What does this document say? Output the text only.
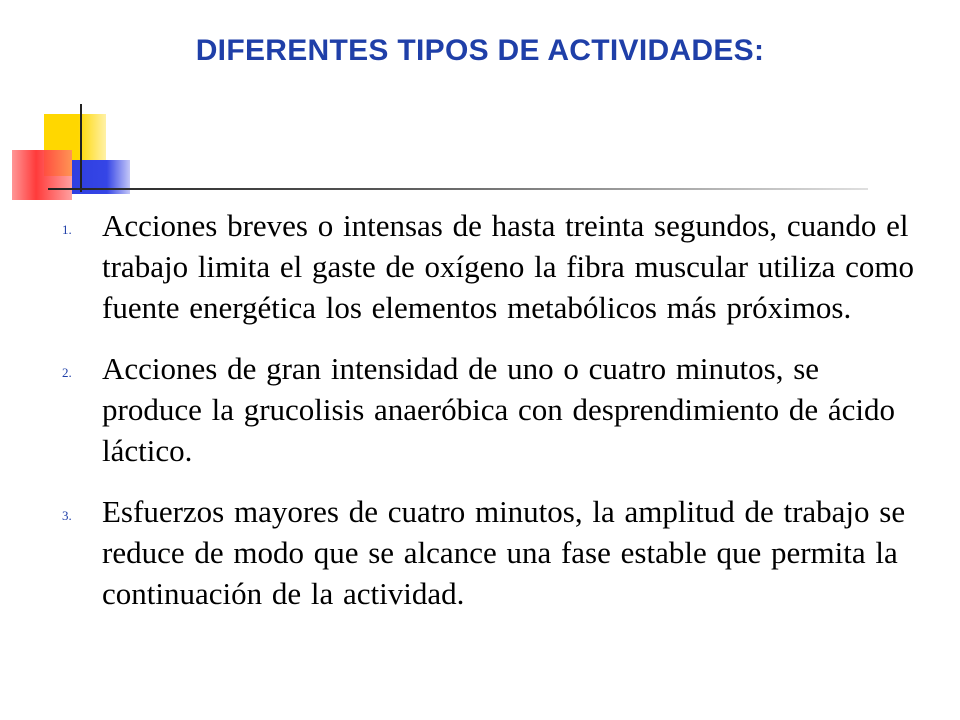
DIFERENTES TIPOS DE ACTIVIDADES:
1. Acciones breves o intensas de hasta treinta segundos, cuando el trabajo limita el gaste de oxígeno la fibra muscular utiliza como fuente energética los elementos metabólicos más próximos.
2. Acciones de gran intensidad de uno o cuatro minutos, se produce la grucolisis anaeróbica con desprendimiento de ácido láctico.
3. Esfuerzos mayores de cuatro minutos, la amplitud de trabajo se reduce de modo que se alcance una fase estable que permita la continuación de la actividad.
